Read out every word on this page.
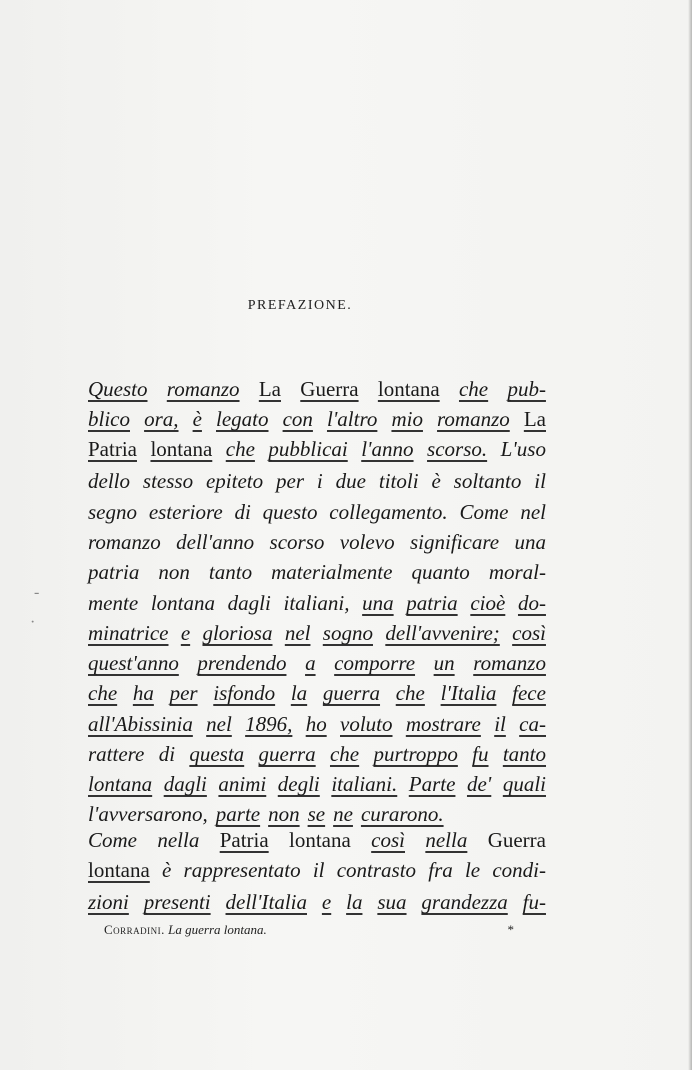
PREFAZIONE.
Questo romanzo La Guerra lontana che pub-
blico ora, è legato con l'altro mio romanzo La
Patria lontana che pubblicai l'anno scorso. L'uso
dello stesso epiteto per i due titoli è soltanto il
segno esteriore di questo collegamento. Come nel
romanzo dell'anno scorso volevo significare una
patria non tanto materialmente quanto moral-
mente lontana dagli italiani, una patria cioè do-
minatrice e gloriosa nel sogno dell'avvenire; così
quest'anno prendendo a comporre un romanzo
che ha per isfondo la guerra che l'Italia fece
all'Abissinia nel 1896, ho voluto mostrare il ca-
rattere di questa guerra che purtroppo fu tanto
lontana dagli animi degli italiani. Parte de' quali
l'avversarono, parte non se ne curarono.
Come nella Patria lontana così nella Guerra
lontana è rappresentato il contrasto fra le condi-
zioni presenti dell'Italia e la sua grandezza fu-
-
·
Corradini. La guerra lontana.	*
